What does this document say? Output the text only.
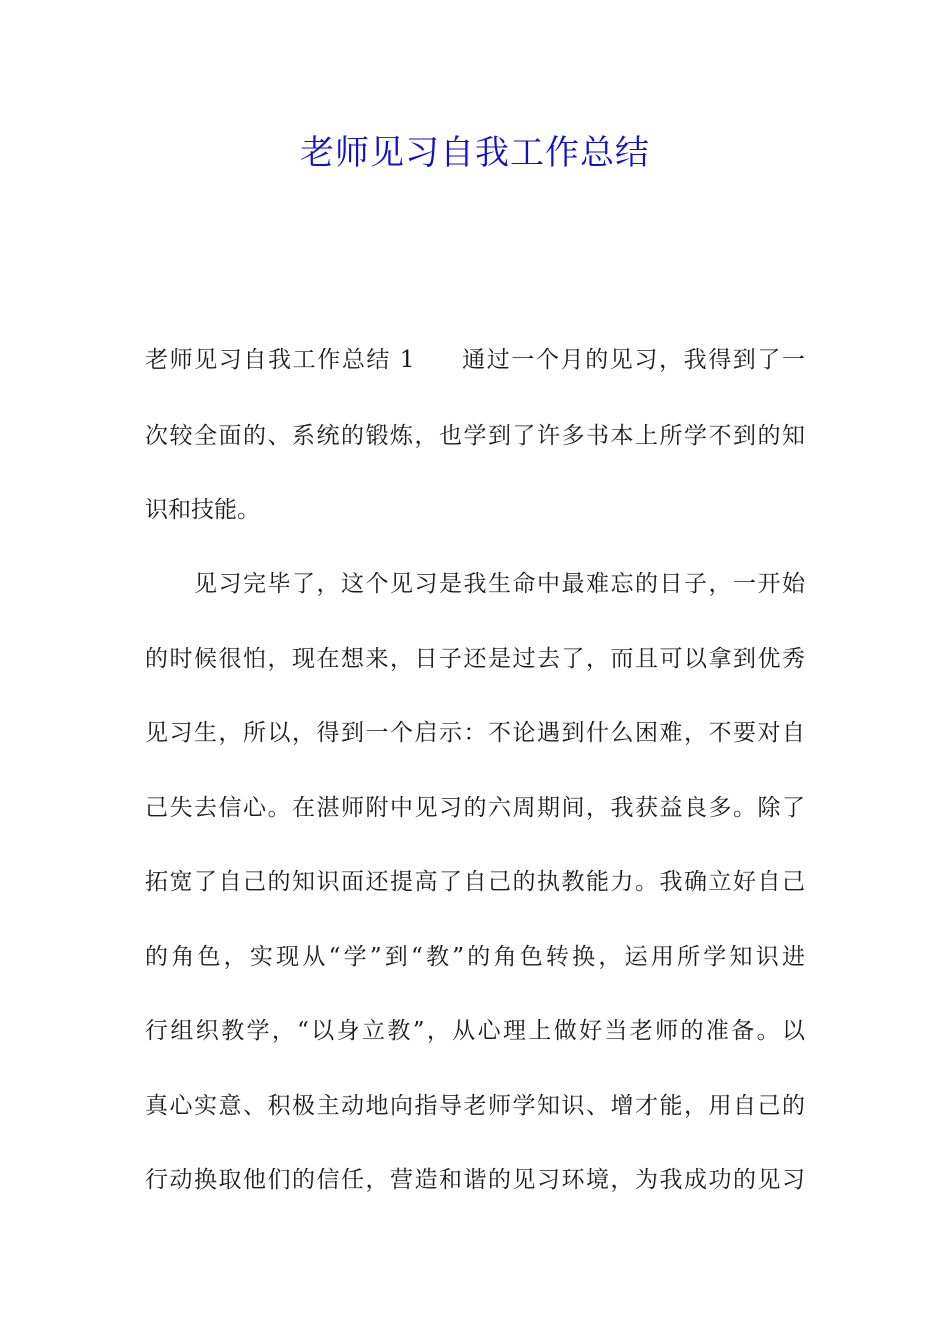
老师见习自我工作总结

老师见习自我工作总结 1 通过一个月的见习，我得到了一

次较全面的、系统的锻炼，也学到了许多书本上所学不到的知

识和技能。

见习完毕了，这个见习是我生命中最难忘的日子，一开始

的时候很怕，现在想来，日子还是过去了，而且可以拿到优秀

见习生，所以，得到一个启示：不论遇到什么困难，不要对自

己失去信心。在湛师附中见习的六周期间，我获益良多。除了

拓宽了自己的知识面还提高了自己的执教能力。我确立好自己

的角色，实现从“学”到“教”的角色转换，运用所学知识进

行组织教学，“以身立教”，从心理上做好当老师的准备。以

真心实意、积极主动地向指导老师学知识、增才能，用自己的

行动换取他们的信任，营造和谐的见习环境，为我成功的见习
